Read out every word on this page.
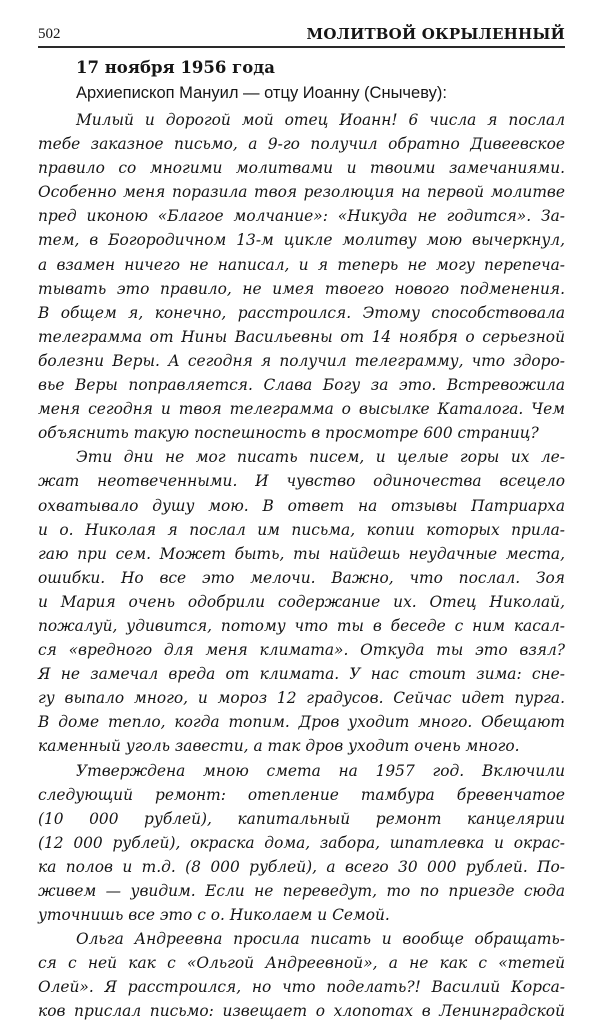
502	МОЛИТВОЙ ОКРЫЛЕННЫЙ
17 ноября 1956 года
Архиепископ Мануил — отцу Иоанну (Снычеву):
Милый и дорогой мой отец Иоанн! 6 числа я послал
тебе заказное письмо, а 9-го получил обратно Дивеевское
правило со многими молитвами и твоими замечаниями.
Особенно меня поразила твоя резолюция на первой молитве
пред иконою «Благое молчание»: «Никуда не годится». За-
тем, в Богородичном 13-м цикле молитву мою вычеркнул,
а взамен ничего не написал, и я теперь не могу перепеча-
тывать это правило, не имея твоего нового подменения.
В общем я, конечно, расстроился. Этому способствовала
телеграмма от Нины Васильевны от 14 ноября о серьезной
болезни Веры. А сегодня я получил телеграмму, что здоро-
вье Веры поправляется. Слава Богу за это. Встревожила
меня сегодня и твоя телеграмма о высылке Каталога. Чем
объяснить такую поспешность в просмотре 600 страниц?
Эти дни не мог писать писем, и целые горы их ле-
жат неотвеченными. И чувство одиночества всецело
охватывало душу мою. В ответ на отзывы Патриарха
и о. Николая я послал им письма, копии которых прила-
гаю при сем. Может быть, ты найдешь неудачные места,
ошибки. Но все это мелочи. Важно, что послал. Зоя
и Мария очень одобрили содержание их. Отец Николай,
пожалуй, удивится, потому что ты в беседе с ним касал-
ся «вредного для меня климата». Откуда ты это взял?
Я не замечал вреда от климата. У нас стоит зима: сне-
гу выпало много, и мороз 12 градусов. Сейчас идет пурга.
В доме тепло, когда топим. Дров уходит много. Обещают
каменный уголь завести, а так дров уходит очень много.
Утверждена мною смета на 1957 год. Включили
следующий ремонт: отепление тамбура бревенчатое
(10 000 рублей), капитальный ремонт канцелярии
(12 000 рублей), окраска дома, забора, шпатлевка и окрас-
ка полов и т.д. (8 000 рублей), а всего 30 000 рублей. По-
живем — увидим. Если не переведут, то по приезде сюда
уточнишь все это с о. Николаем и Семой.
Ольга Андреевна просила писать и вообще обращать-
ся с ней как с «Ольгой Андреевной», а не как с «тетей
Олей». Я расстроился, но что поделать?! Василий Корса-
ков прислал письмо: извещает о хлопотах в Ленинградской
